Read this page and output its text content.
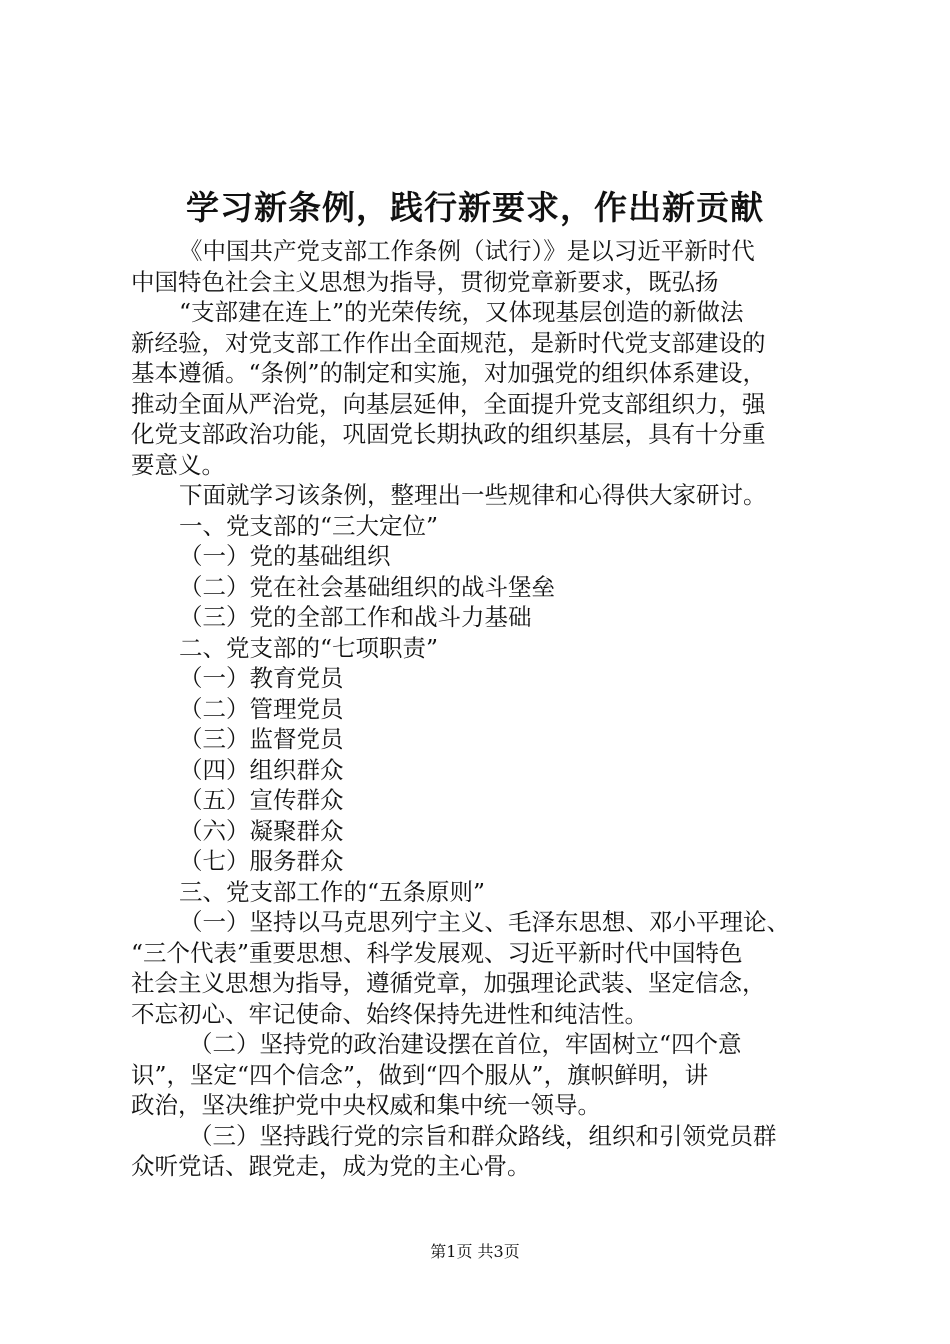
学习新条例，践行新要求，作出新贡献
《中国共产党支部工作条例（试行）》是以习近平新时代
中国特色社会主义思想为指导，贯彻党章新要求，既弘扬
“支部建在连上”的光荣传统，又体现基层创造的新做法
新经验，对党支部工作作出全面规范，是新时代党支部建设的
基本遵循。“条例”的制定和实施，对加强党的组织体系建设，
推动全面从严治党，向基层延伸，全面提升党支部组织力，强
化党支部政治功能，巩固党长期执政的组织基层，具有十分重
要意义。
下面就学习该条例，整理出一些规律和心得供大家研讨。
一、党支部的“三大定位”
（一）党的基础组织
（二）党在社会基础组织的战斗堡垒
（三）党的全部工作和战斗力基础
二、党支部的“七项职责”
（一）教育党员
（二）管理党员
（三）监督党员
（四）组织群众
（五）宣传群众
（六）凝聚群众
（七）服务群众
三、党支部工作的“五条原则”
（一）坚持以马克思列宁主义、毛泽东思想、邓小平理论、
“三个代表”重要思想、科学发展观、习近平新时代中国特色
社会主义思想为指导，遵循党章，加强理论武装、坚定信念，
不忘初心、牢记使命、始终保持先进性和纯洁性。
（二）坚持党的政治建设摆在首位，牢固树立“四个意
识”，坚定“四个信念”，做到“四个服从”，旗帜鲜明，讲
政治，坚决维护党中央权威和集中统一领导。
（三）坚持践行党的宗旨和群众路线，组织和引领党员群
众听党话、跟党走，成为党的主心骨。
第1页 共3页
